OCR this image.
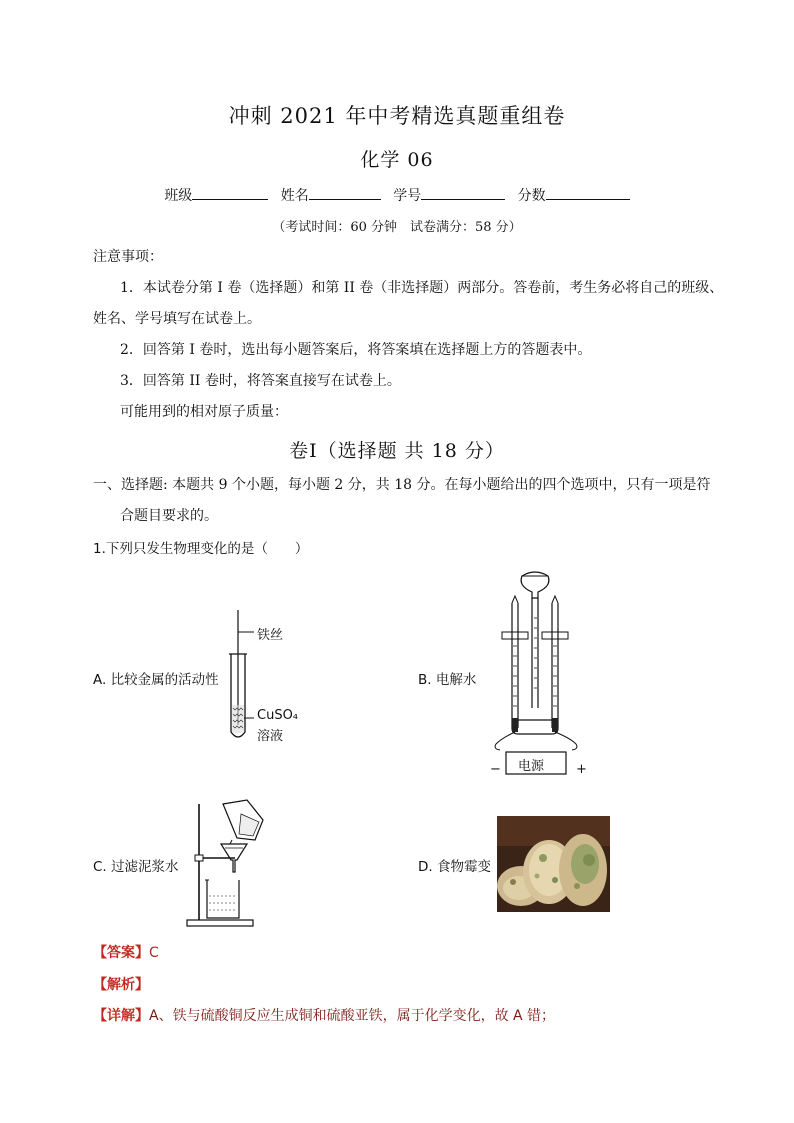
冲刺 2021 年中考精选真题重组卷
化学 06
班级	姓名	学号	分数
（考试时间：60 分钟　试卷满分：58 分）
注意事项：
1．本试卷分第 I 卷（选择题）和第 II 卷（非选择题）两部分。答卷前，考生务必将自己的班级、
姓名、学号填写在试卷上。
2．回答第 I 卷时，选出每小题答案后，将答案填在选择题上方的答题表中。
3．回答第 II 卷时，将答案直接写在试卷上。
可能用到的相对原子质量：
卷Ⅰ（选择题 共 18 分）
一、选择题: 本题共 9 个小题，每小题 2 分，共 18 分。在每小题给出的四个选项中，只有一项是符
合题目要求的。
1.下列只发生物理变化的是（　　）
A. 比较金属的活动性	B. 电解水
C. 过滤泥浆水	D. 食物霉变
铁丝
CuSO₄
溶液
电源
−	+
【答案】C
【解析】
【详解】A、铁与硫酸铜反应生成铜和硫酸亚铁，属于化学变化，故 A 错；
